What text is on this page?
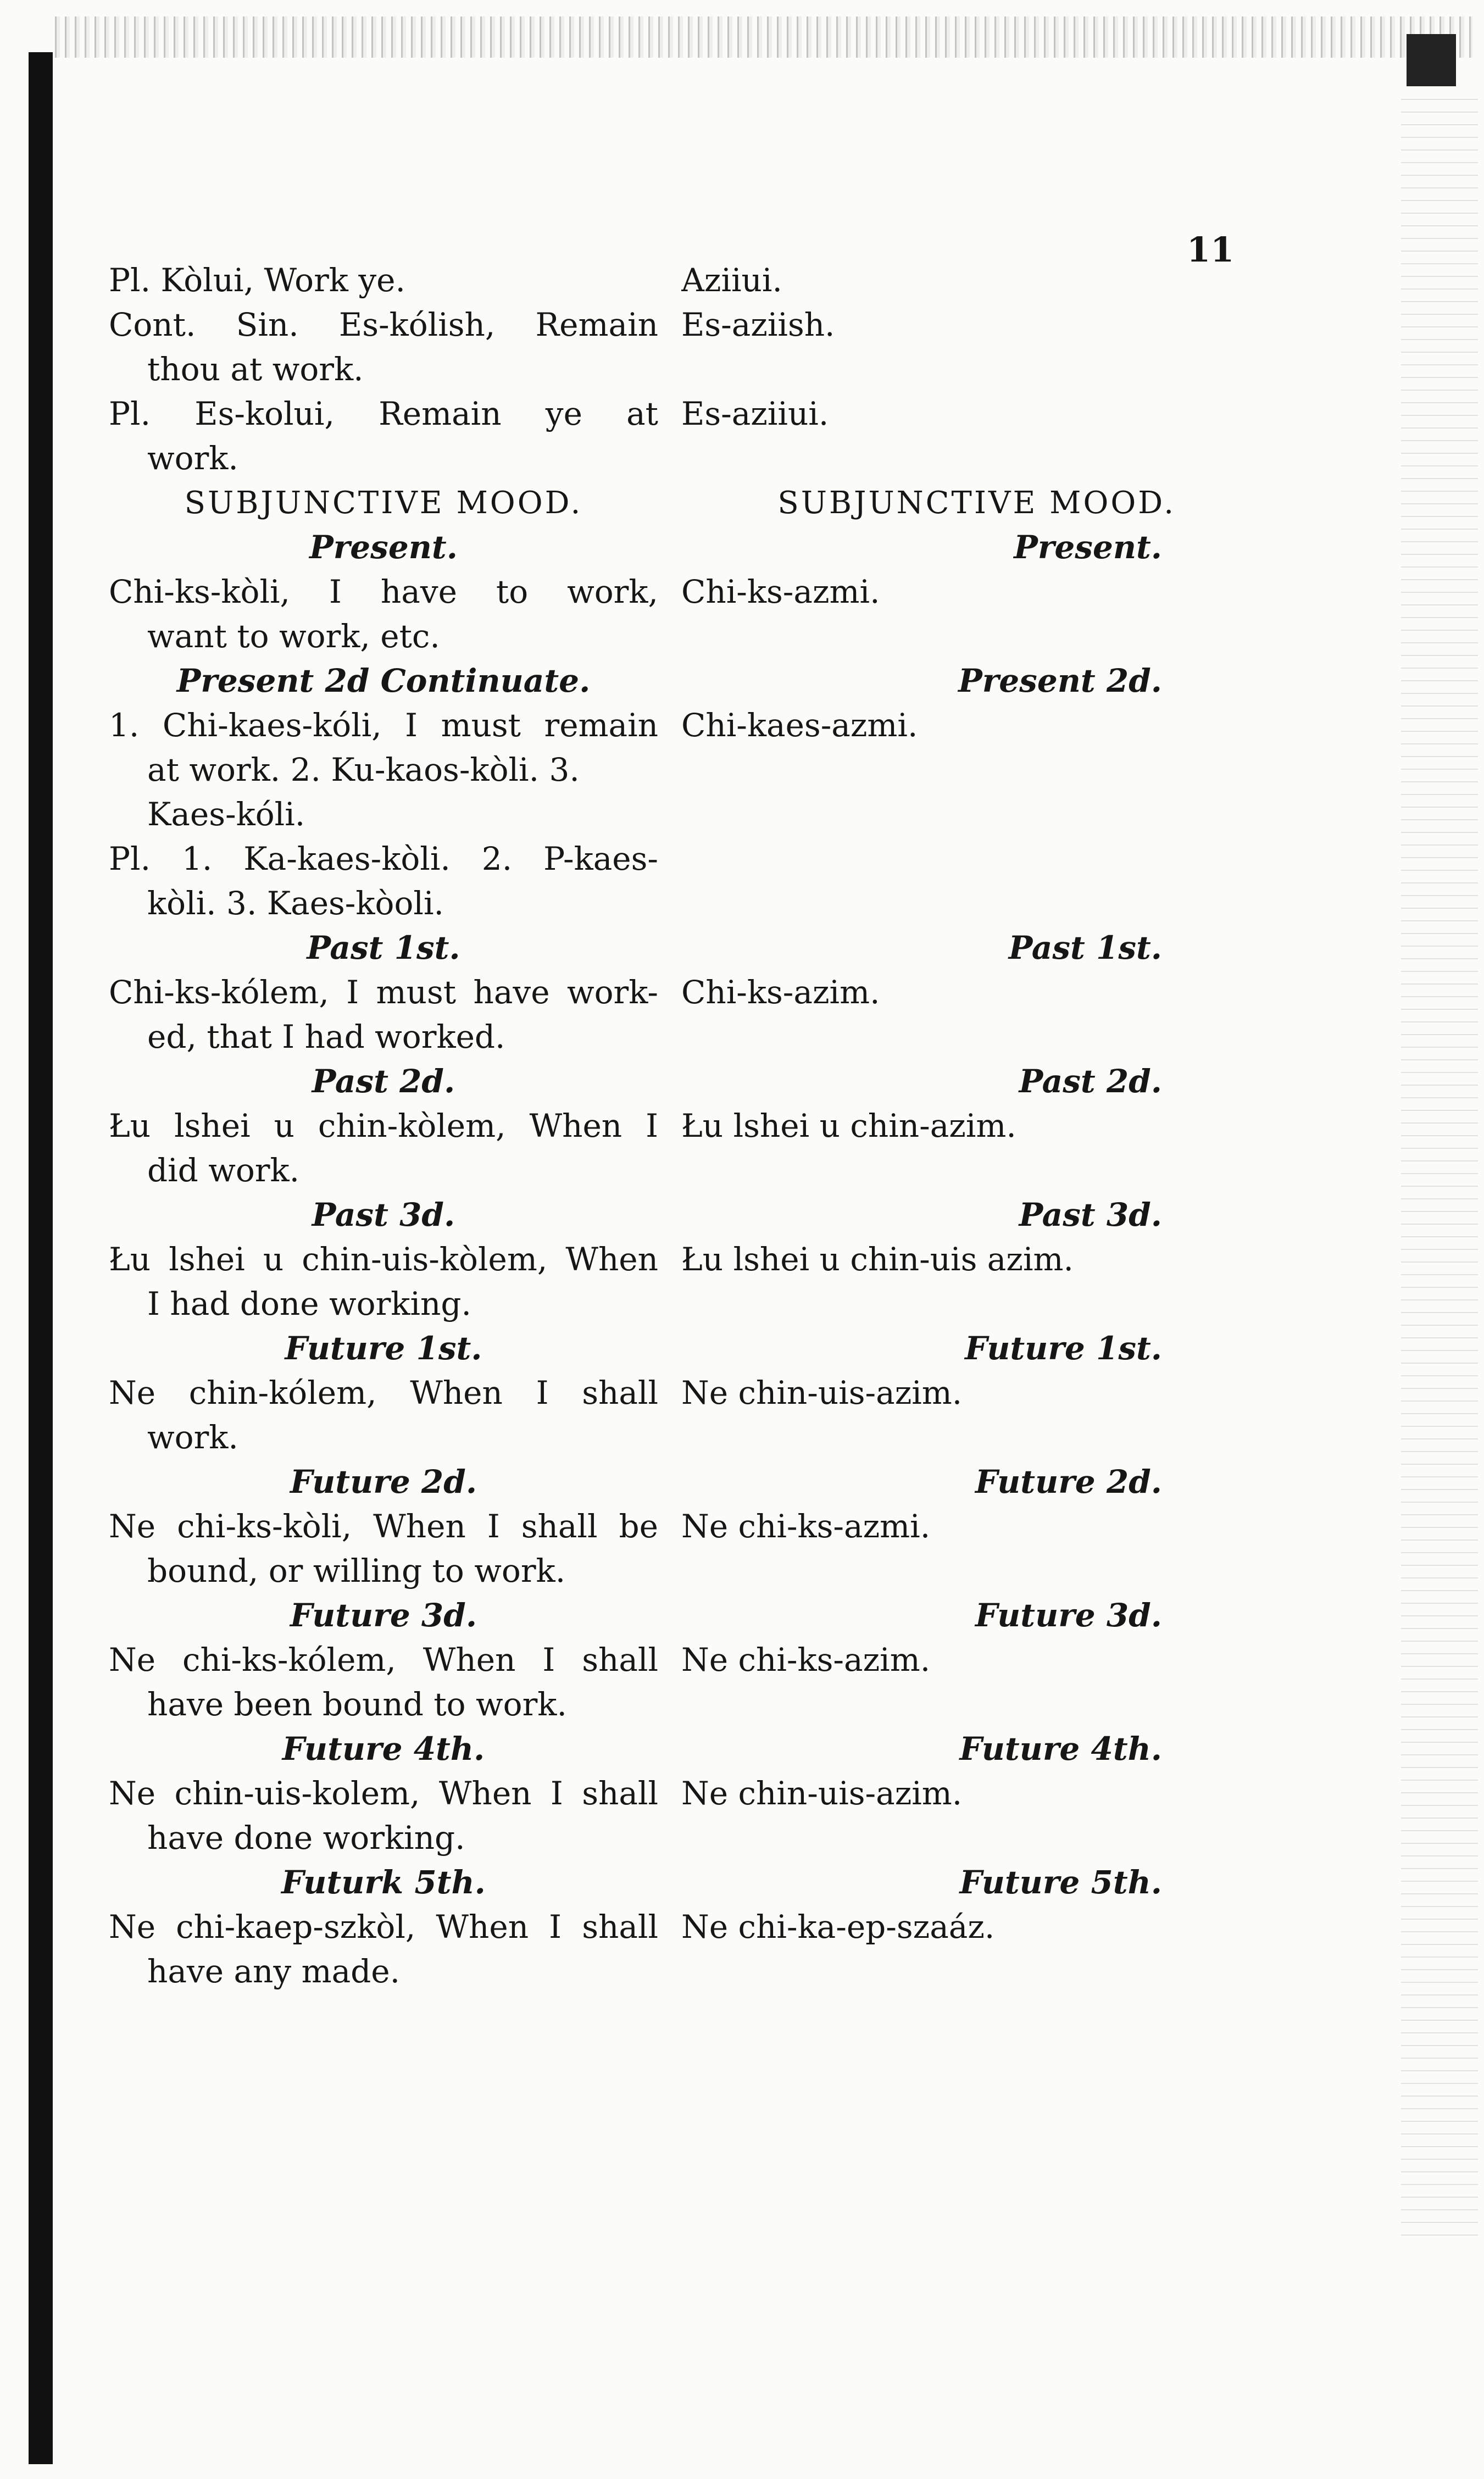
11
Pl. Kòlui, Work ye.
Cont. Sin. Es-kólish, Remain
thou at work.
Pl. Es-kolui, Remain ye at
work.
SUBJUNCTIVE MOOD.
Present.
Chi-ks-kòli, I have to work,
want to work, etc.
Present 2d Continuate.
1. Chi-kaes-kóli, I must remain
at work. 2. Ku-kaos-kòli. 3.
Kaes-kóli.
Pl. 1. Ka-kaes-kòli. 2. P-kaes-
kòli. 3. Kaes-kòoli.
Past 1st.
Chi-ks-kólem, I must have work-
ed, that I had worked.
Past 2d.
Łu lshei u chin-kòlem, When I
did work.
Past 3d.
Łu lshei u chin-uis-kòlem, When
I had done working.
Future 1st.
Ne chin-kólem, When I shall
work.
Future 2d.
Ne chi-ks-kòli, When I shall be
bound, or willing to work.
Future 3d.
Ne chi-ks-kólem, When I shall
have been bound to work.
Future 4th.
Ne chin-uis-kolem, When I shall
have done working.
Futurk 5th.
Ne chi-kaep-szkòl, When I shall
have any made.
Aziiui.
Es-aziish.
Es-aziiui.
SUBJUNCTIVE MOOD.
Present.
Chi-ks-azmi.
Present 2d.
Chi-kaes-azmi.
Past 1st.
Chi-ks-azim.
Past 2d.
Łu lshei u chin-azim.
Past 3d.
Łu lshei u chin-uis azim.
Future 1st.
Ne chin-uis-azim.
Future 2d.
Ne chi-ks-azmi.
Future 3d.
Ne chi-ks-azim.
Future 4th.
Ne chin-uis-azim.
Future 5th.
Ne chi-ka-ep-szaáz.
